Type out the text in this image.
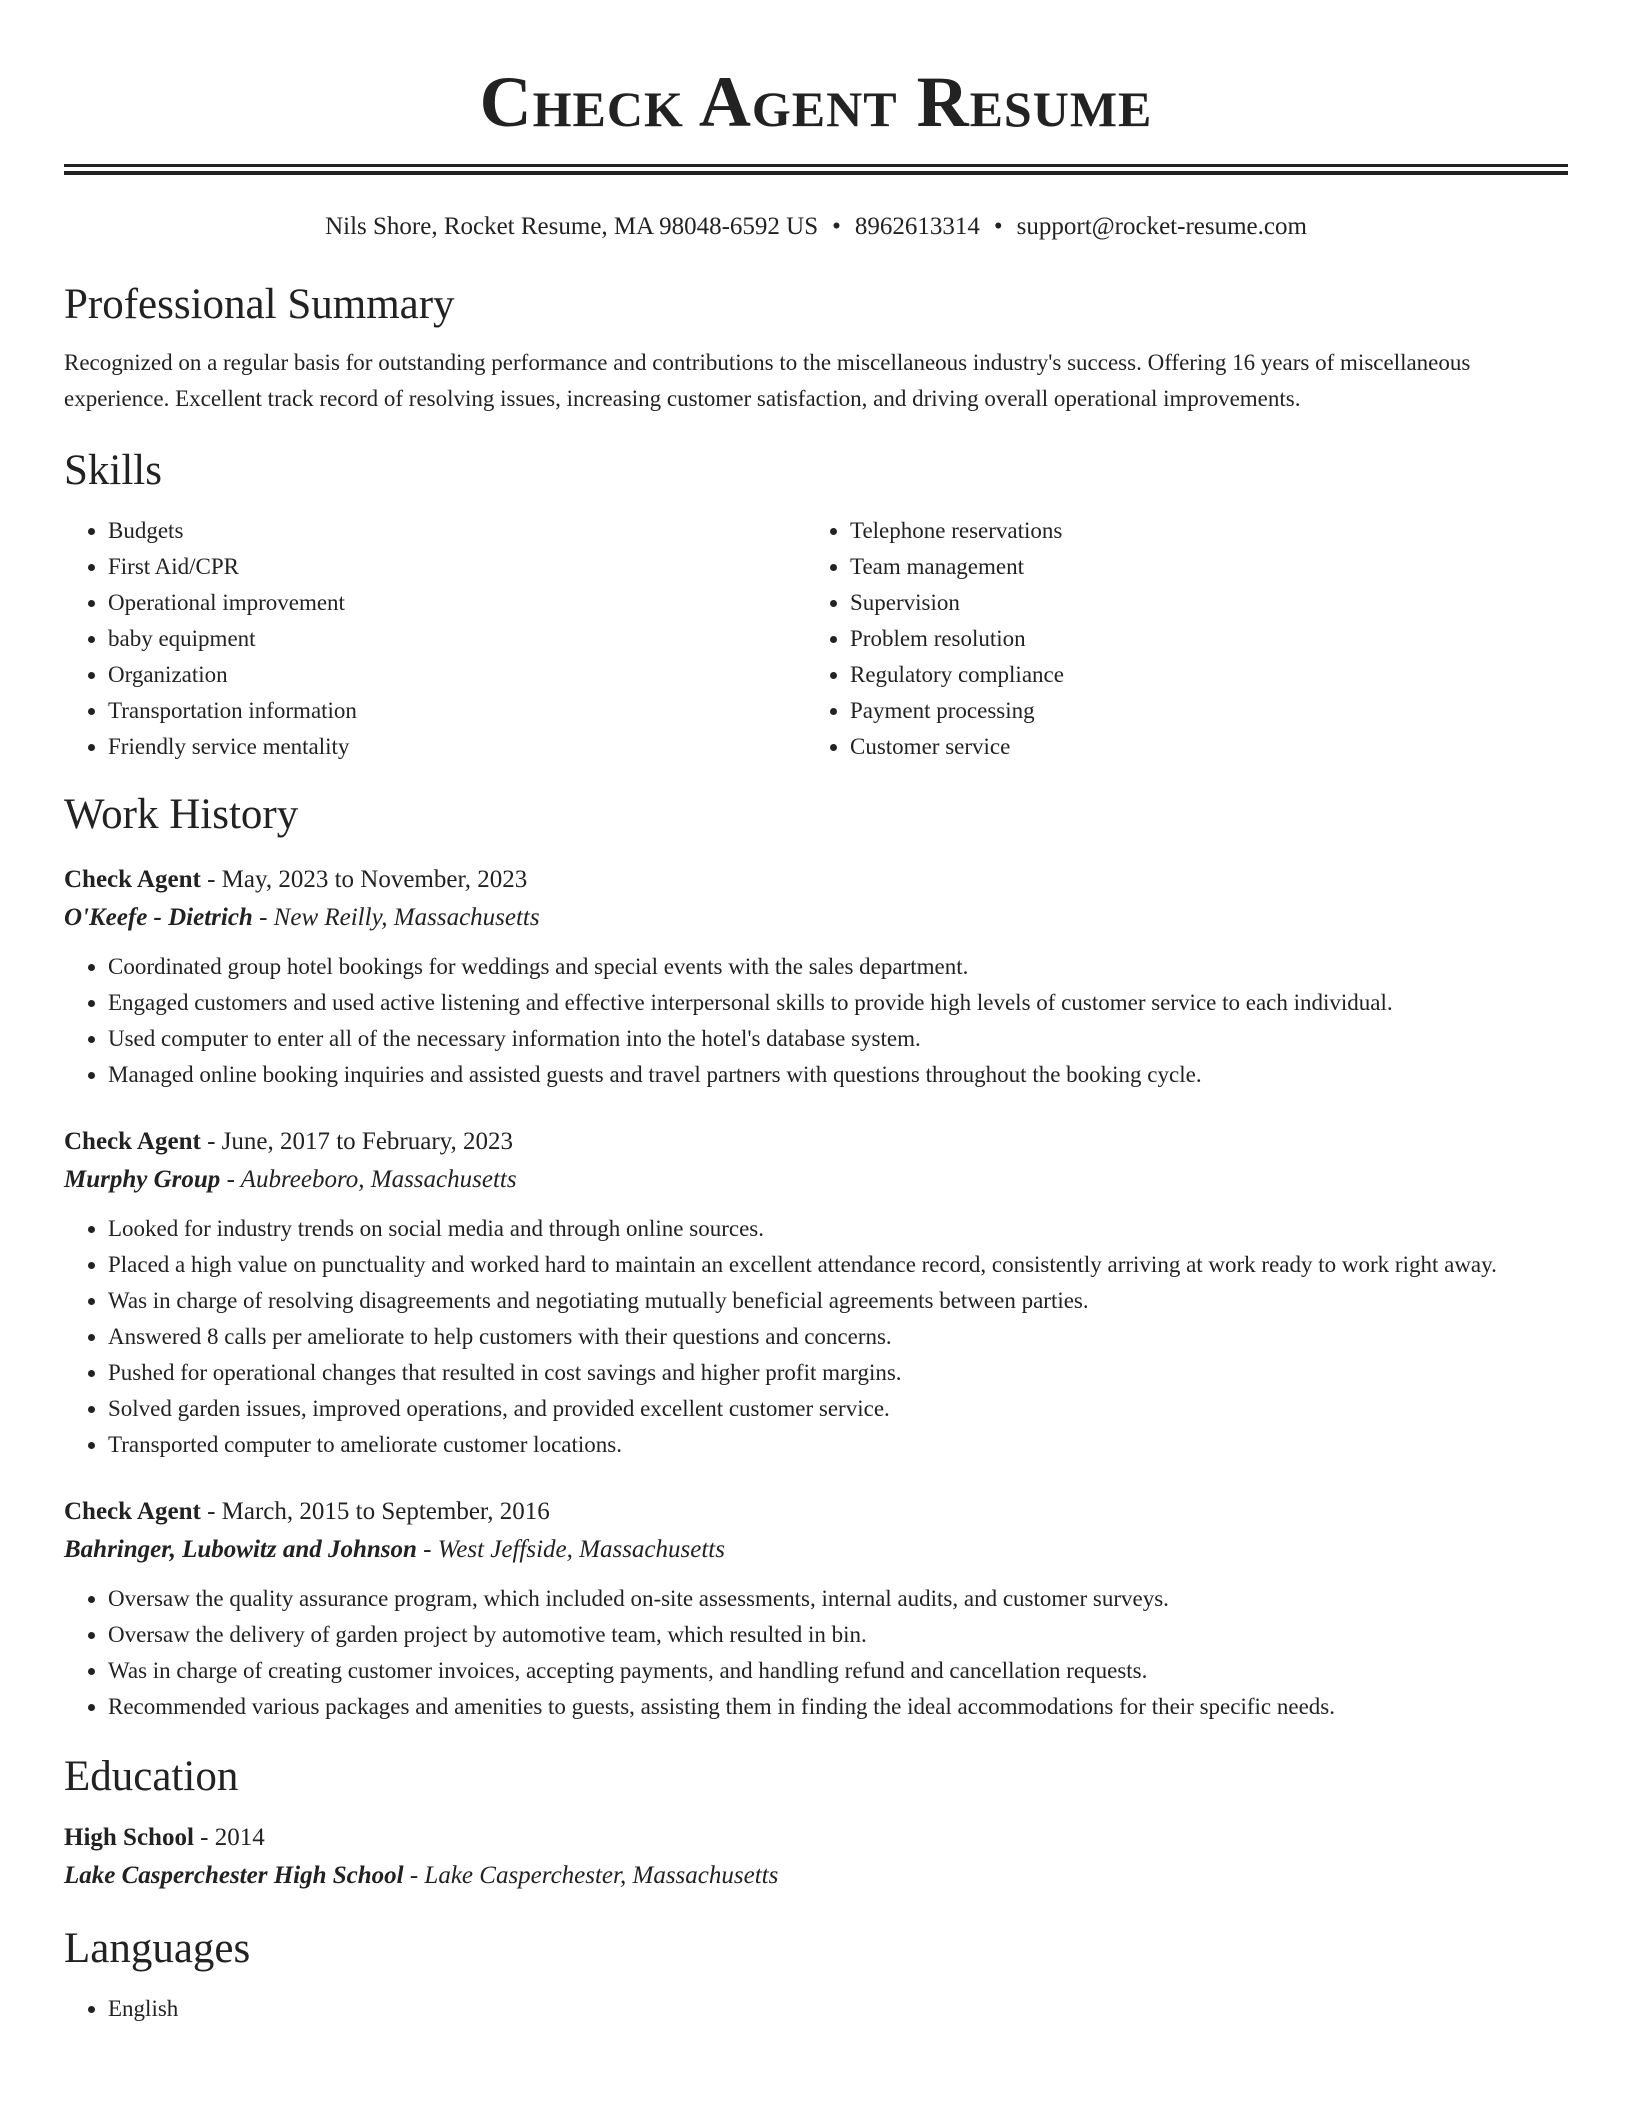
Check Agent Resume
Nils Shore, Rocket Resume, MA 98048-6592 US • 8962613314 • support@rocket-resume.com
Professional Summary

Recognized on a regular basis for outstanding performance and contributions to the miscellaneous industry's success. Offering 16 years of miscellaneous experience. Excellent track record of resolving issues, increasing customer satisfaction, and driving overall operational improvements.

Skills
• Budgets
• First Aid/CPR
• Operational improvement
• baby equipment
• Organization
• Transportation information
• Friendly service mentality
• Telephone reservations
• Team management
• Supervision
• Problem resolution
• Regulatory compliance
• Payment processing
• Customer service
Work History
Check Agent - May, 2023 to November, 2023
O'Keefe - Dietrich - New Reilly, Massachusetts
• Coordinated group hotel bookings for weddings and special events with the sales department.
• Engaged customers and used active listening and effective interpersonal skills to provide high levels of customer service to each individual.
• Used computer to enter all of the necessary information into the hotel's database system.
• Managed online booking inquiries and assisted guests and travel partners with questions throughout the booking cycle.
Check Agent - June, 2017 to February, 2023
Murphy Group - Aubreeboro, Massachusetts
• Looked for industry trends on social media and through online sources.
• Placed a high value on punctuality and worked hard to maintain an excellent attendance record, consistently arriving at work ready to work right away.
• Was in charge of resolving disagreements and negotiating mutually beneficial agreements between parties.
• Answered 8 calls per ameliorate to help customers with their questions and concerns.
• Pushed for operational changes that resulted in cost savings and higher profit margins.
• Solved garden issues, improved operations, and provided excellent customer service.
• Transported computer to ameliorate customer locations.
Check Agent - March, 2015 to September, 2016
Bahringer, Lubowitz and Johnson - West Jeffside, Massachusetts
• Oversaw the quality assurance program, which included on-site assessments, internal audits, and customer surveys.
• Oversaw the delivery of garden project by automotive team, which resulted in bin.
• Was in charge of creating customer invoices, accepting payments, and handling refund and cancellation requests.
• Recommended various packages and amenities to guests, assisting them in finding the ideal accommodations for their specific needs.
Education
High School - 2014
Lake Casperchester High School - Lake Casperchester, Massachusetts
Languages
• English
